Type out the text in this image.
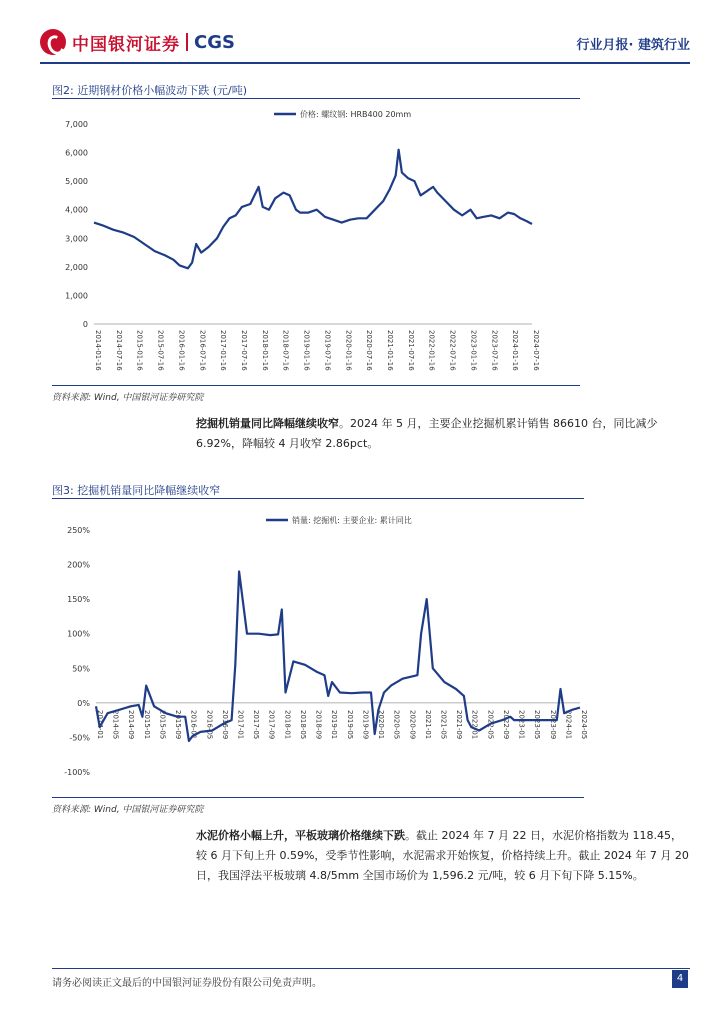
中国银河证券 CGS	行业月报· 建筑行业
图2: 近期钢材价格小幅波动下跌 (元/吨)
价格: 螺纹钢: HRB400 20mm
0
1,000
2,000
3,000
4,000
5,000
6,000
7,000
2014-01-16 2014-07-16 2015-01-16 2015-07-16 2016-01-16 2016-07-16 2017-01-16 2017-07-16 2018-01-16 2018-07-16 2019-01-16 2019-07-16 2020-01-16 2020-07-16 2021-01-16 2021-07-16 2022-01-16 2022-07-16 2023-01-16 2023-07-16 2024-01-16 2024-07-16
资料来源: Wind, 中国银河证券研究院
挖掘机销量同比降幅继续收窄。2024 年 5 月，主要企业挖掘机累计销售 86610 台，同比减少 6.92%，降幅较 4 月收窄 2.86pct。
图3: 挖掘机销量同比降幅继续收窄
销量: 挖掘机: 主要企业: 累计同比
-100%
-50%
0%
50%
100%
150%
200%
250%
2014-01 2014-05 2014-09 2015-01 2015-05 2015-09 2016-01 2016-05 2016-09 2017-01 2017-05 2017-09 2018-01 2018-05 2018-09 2019-01 2019-05 2019-09 2020-01 2020-05 2020-09 2021-01 2021-05 2021-09 2022-01 2022-05 2022-09 2023-01 2023-05 2023-09 2024-01 2024-05
资料来源: Wind, 中国银河证券研究院
水泥价格小幅上升，平板玻璃价格继续下跌。截止 2024 年 7 月 22 日，水泥价格指数为 118.45，较 6 月下旬上升 0.59%，受季节性影响，水泥需求开始恢复，价格持续上升。截止 2024 年 7 月 20 日，我国浮法平板玻璃 4.8/5mm 全国市场价为 1,596.2 元/吨，较 6 月下旬下降 5.15%。
请务必阅读正文最后的中国银河证券股份有限公司免责声明。	4
